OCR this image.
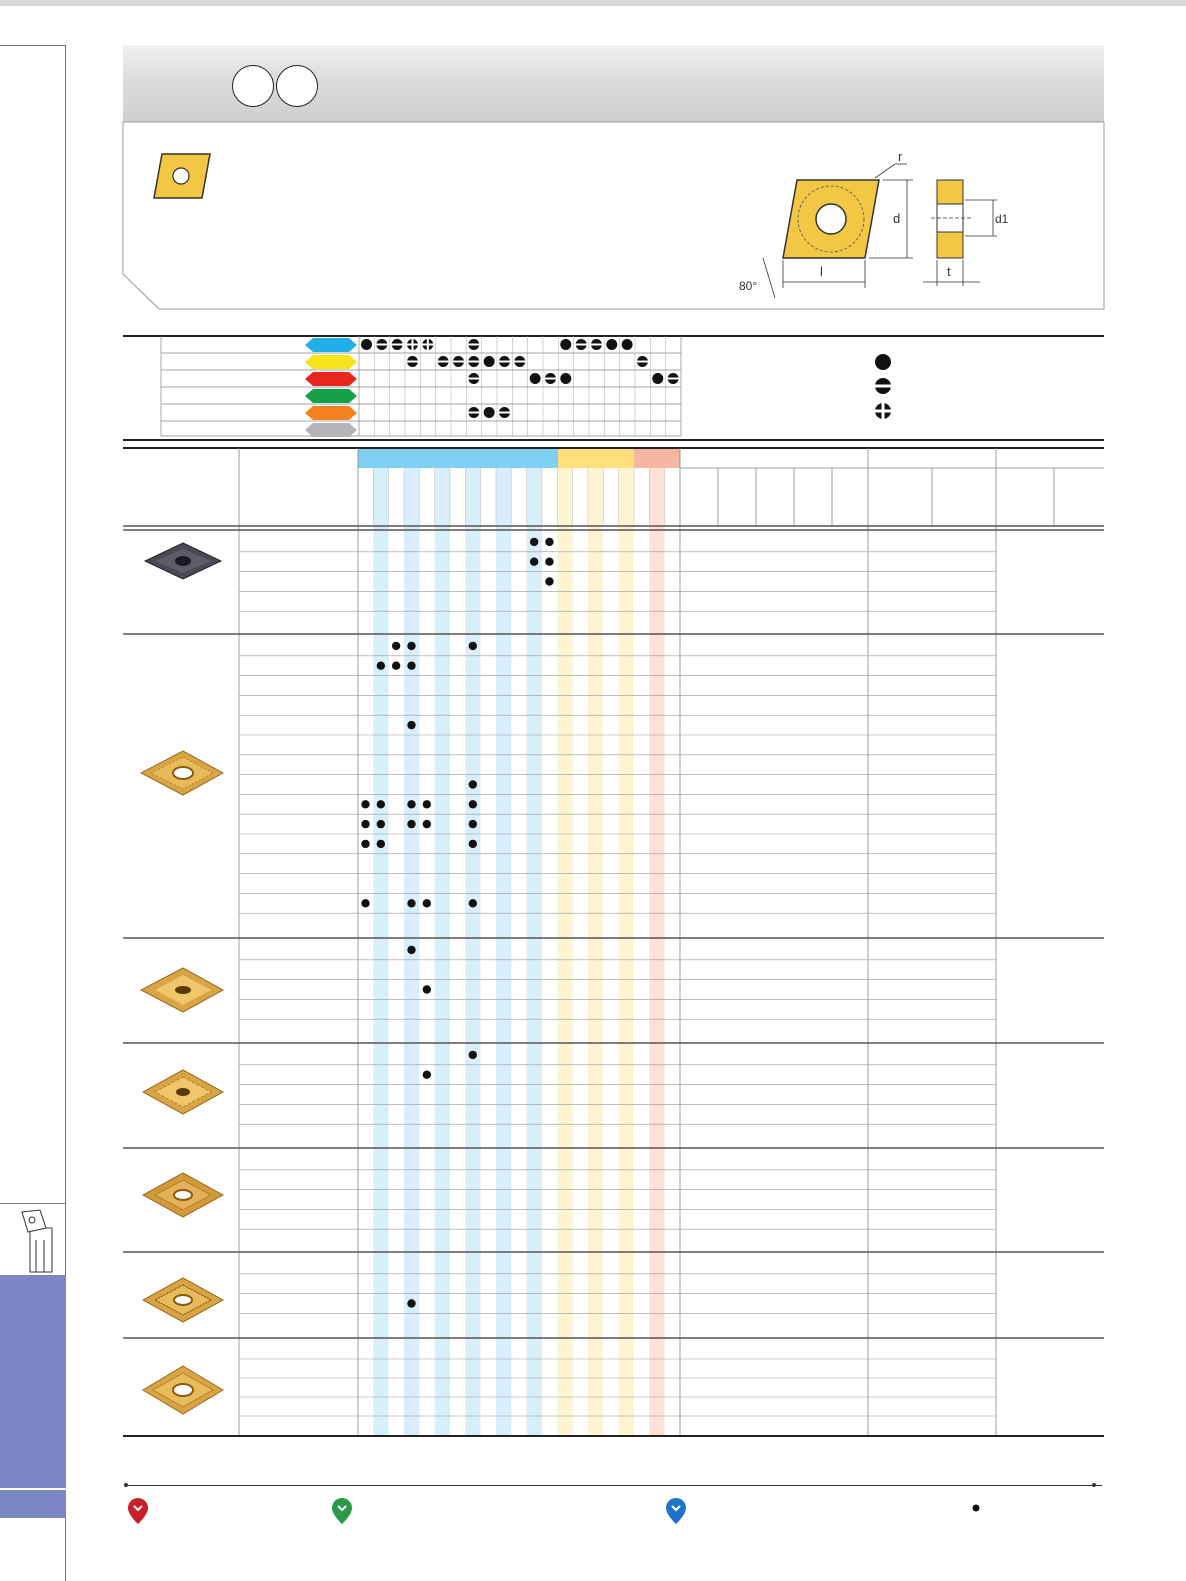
d
r
l
80°
d1
t
